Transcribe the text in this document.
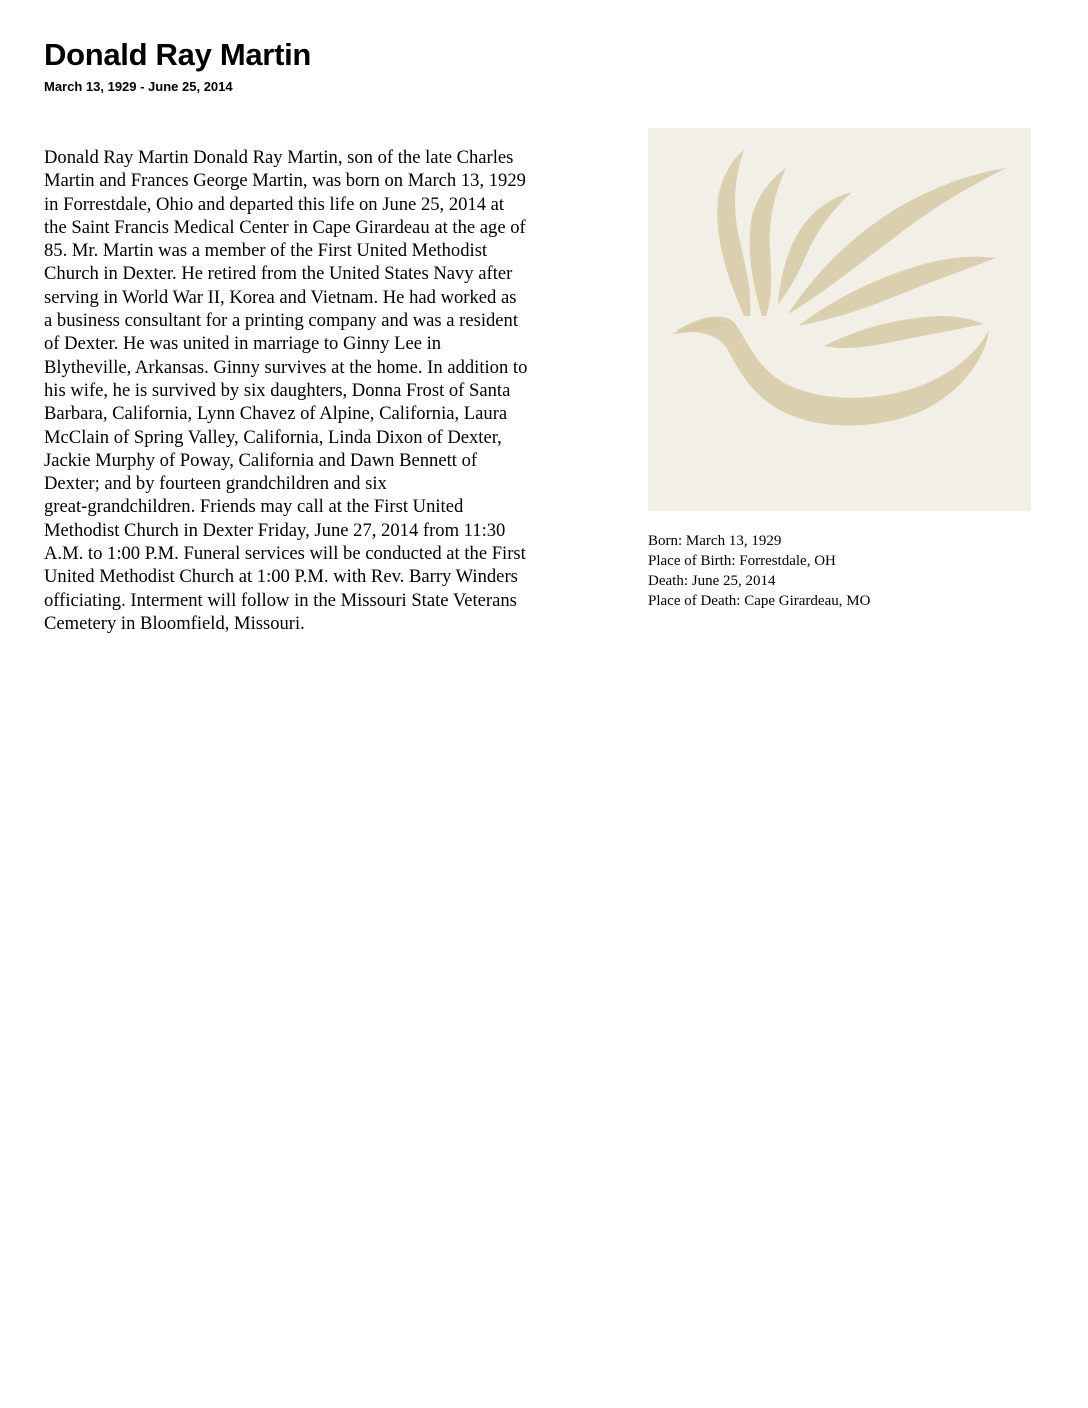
Donald Ray Martin

March 13, 1929 - June 25, 2014

Donald Ray Martin Donald Ray Martin, son of the late Charles
Martin and Frances George Martin, was born on March 13, 1929
in Forrestdale, Ohio and departed this life on June 25, 2014 at
the Saint Francis Medical Center in Cape Girardeau at the age of
85. Mr. Martin was a member of the First United Methodist
Church in Dexter. He retired from the United States Navy after
serving in World War II, Korea and Vietnam. He had worked as
a business consultant for a printing company and was a resident
of Dexter. He was united in marriage to Ginny Lee in
Blytheville, Arkansas. Ginny survives at the home. In addition to
his wife, he is survived by six daughters, Donna Frost of Santa
Barbara, California, Lynn Chavez of Alpine, California, Laura
McClain of Spring Valley, California, Linda Dixon of Dexter,
Jackie Murphy of Poway, California and Dawn Bennett of
Dexter; and by fourteen grandchildren and six
great-grandchildren. Friends may call at the First United
Methodist Church in Dexter Friday, June 27, 2014 from 11:30
A.M. to 1:00 P.M. Funeral services will be conducted at the First
United Methodist Church at 1:00 P.M. with Rev. Barry Winders
officiating. Interment will follow in the Missouri State Veterans
Cemetery in Bloomfield, Missouri.

Born: March 13, 1929
Place of Birth: Forrestdale, OH
Death: June 25, 2014
Place of Death: Cape Girardeau, MO
